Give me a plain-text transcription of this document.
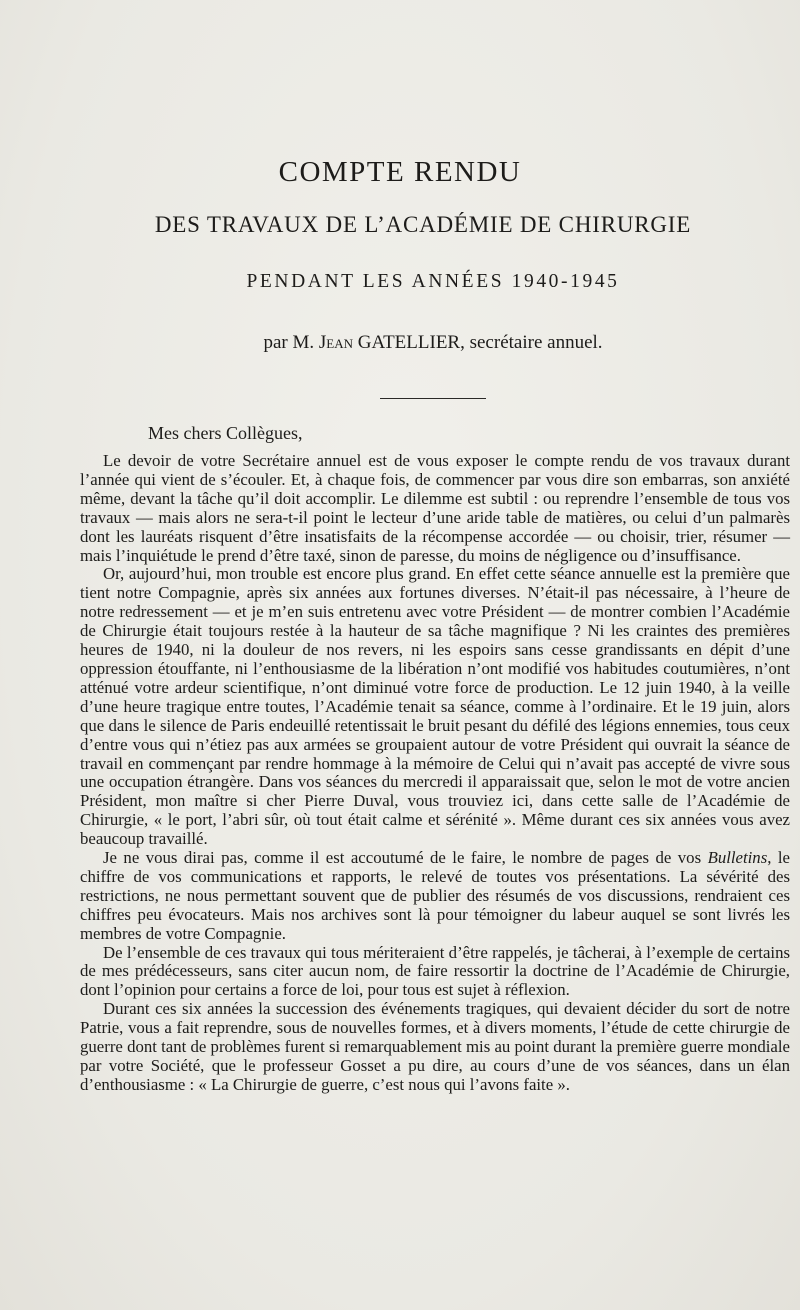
COMPTE RENDU
DES TRAVAUX DE L’ACADÉMIE DE CHIRURGIE
PENDANT LES ANNÉES 1940-1945

par M. Jean GATELLIER, secrétaire annuel.

Mes chers Collègues,

Le devoir de votre Secrétaire annuel est de vous exposer le compte rendu de vos travaux durant l’année qui vient de s’écouler. Et, à chaque fois, de commencer par vous dire son embarras, son anxiété même, devant la tâche qu’il doit accomplir. Le dilemme est subtil : ou reprendre l’ensemble de tous vos travaux — mais alors ne sera-t-il point le lecteur d’une aride table de matières, ou celui d’un palmarès dont les lauréats risquent d’être insatisfaits de la récompense accordée — ou choisir, trier, résumer — mais l’inquiétude le prend d’être taxé, sinon de paresse, du moins de négligence ou d’insuffisance.

Or, aujourd’hui, mon trouble est encore plus grand. En effet cette séance annuelle est la première que tient notre Compagnie, après six années aux fortunes diverses. N’était-il pas nécessaire, à l’heure de notre redressement — et je m’en suis entretenu avec votre Président — de montrer combien l’Académie de Chirurgie était toujours restée à la hauteur de sa tâche magnifique ? Ni les craintes des premières heures de 1940, ni la douleur de nos revers, ni les espoirs sans cesse grandissants en dépit d’une oppression étouffante, ni l’enthousiasme de la libération n’ont modifié vos habitudes coutumières, n’ont atténué votre ardeur scientifique, n’ont diminué votre force de production. Le 12 juin 1940, à la veille d’une heure tragique entre toutes, l’Académie tenait sa séance, comme à l’ordinaire. Et le 19 juin, alors que dans le silence de Paris endeuillé retentissait le bruit pesant du défilé des légions ennemies, tous ceux d’entre vous qui n’étiez pas aux armées se groupaient autour de votre Président qui ouvrait la séance de travail en commençant par rendre hommage à la mémoire de Celui qui n’avait pas accepté de vivre sous une occupation étrangère. Dans vos séances du mercredi il apparaissait que, selon le mot de votre ancien Président, mon maître si cher Pierre Duval, vous trouviez ici, dans cette salle de l’Académie de Chirurgie, « le port, l’abri sûr, où tout était calme et sérénité ». Même durant ces six années vous avez beaucoup travaillé.

Je ne vous dirai pas, comme il est accoutumé de le faire, le nombre de pages de vos Bulletins, le chiffre de vos communications et rapports, le relevé de toutes vos présentations. La sévérité des restrictions, ne nous permettant souvent que de publier des résumés de vos discussions, rendraient ces chiffres peu évocateurs. Mais nos archives sont là pour témoigner du labeur auquel se sont livrés les membres de votre Compagnie.

De l’ensemble de ces travaux qui tous mériteraient d’être rappelés, je tâcherai, à l’exemple de certains de mes prédécesseurs, sans citer aucun nom, de faire ressortir la doctrine de l’Académie de Chirurgie, dont l’opinion pour certains a force de loi, pour tous est sujet à réflexion.

Durant ces six années la succession des événements tragiques, qui devaient décider du sort de notre Patrie, vous a fait reprendre, sous de nouvelles formes, et à divers moments, l’étude de cette chirurgie de guerre dont tant de problèmes furent si remarquablement mis au point durant la première guerre mondiale par votre Société, que le professeur Gosset a pu dire, au cours d’une de vos séances, dans un élan d’enthousiasme : « La Chirurgie de guerre, c’est nous qui l’avons faite ».
